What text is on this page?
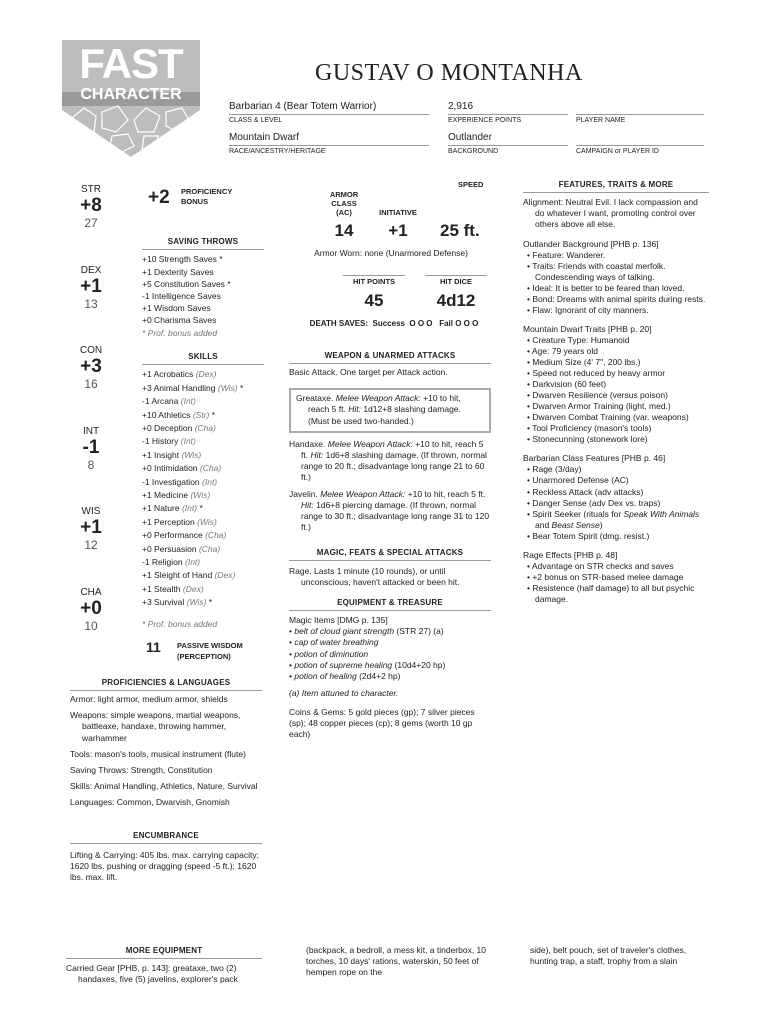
FAST
CHARACTER
GUSTAV O MONTANHA
Barbarian 4 (Bear Totem Warrior)
CLASS & LEVEL
2,916
EXPERIENCE POINTS	PLAYER NAME
Mountain Dwarf
RACE/ANCESTRY/HERITAGE
Outlander
BACKGROUND	CAMPAIGN or PLAYER ID
STR
+8
27
DEX
+1
13
CON
+3
16
INT
-1
8
WIS
+1
12
CHA
+0
10
+2 PROFICIENCY
BONUS
SAVING THROWS
+10 Strength Saves *
+1 Dexterity Saves
+5 Constitution Saves *
-1 Intelligence Saves
+1 Wisdom Saves
+0 Charisma Saves
* Prof. bonus added
SKILLS
+1 Acrobatics (Dex)
+3 Animal Handling (Wis) *
-1 Arcana (Int)
+10 Athletics (Str) *
+0 Deception (Cha)
-1 History (Int)
+1 Insight (Wis)
+0 Intimidation (Cha)
-1 Investigation (Int)
+1 Medicine (Wis)
+1 Nature (Int) *
+1 Perception (Wis)
+0 Performance (Cha)
+0 Persuasion (Cha)
-1 Religion (Int)
+1 Sleight of Hand (Dex)
+1 Stealth (Dex)
+3 Survival (Wis) *
* Prof. bonus added
11 PASSIVE WISDOM
(PERCEPTION)
PROFICIENCIES & LANGUAGES
Armor: light armor, medium armor, shields
Weapons: simple weapons, martial weapons, battleaxe, handaxe, throwing hammer, warhammer
Tools: mason's tools, musical instrument (flute)
Saving Throws: Strength, Constitution
Skills: Animal Handling, Athletics, Nature, Survival
Languages: Common, Dwarvish, Gnomish
ENCUMBRANCE
Lifting & Carrying: 405 lbs. max. carrying capacity; 1620 lbs. pushing or dragging (speed -5 ft.); 1620 lbs. max. lift.
ARMOR
CLASS
(AC)
14
INITIATIVE
+1
SPEED
25 ft.
Armor Worn: none (Unarmored Defense)
HIT POINTS
45
HIT DICE
4d12
DEATH SAVES:  Success  O O O   Fail O O O
WEAPON & UNARMED ATTACKS
Basic Attack. One target per Attack action.
Greataxe. Melee Weapon Attack: +10 to hit, reach 5 ft. Hit: 1d12+8 slashing damage. (Must be used two-handed.)
Handaxe. Melee Weapon Attack: +10 to hit, reach 5 ft. Hit: 1d6+8 slashing damage. (If thrown, normal range to 20 ft.; disadvantage long range 21 to 60 ft.)
Javelin. Melee Weapon Attack: +10 to hit, reach 5 ft. Hit: 1d6+8 piercing damage. (If thrown, normal range to 30 ft.; disadvantage long range 31 to 120 ft.)
MAGIC, FEATS & SPECIAL ATTACKS
Rage. Lasts 1 minute (10 rounds), or until unconscious, haven't attacked or been hit.
EQUIPMENT & TREASURE
Magic Items [DMG p. 135]
• belt of cloud giant strength (STR 27) (a)
• cap of water breathing
• potion of diminution
• potion of supreme healing (10d4+20 hp)
• potion of healing (2d4+2 hp)
(a) Item attuned to character.
Coins & Gems: 5 gold pieces (gp); 7 silver pieces (sp); 48 copper pieces (cp); 8 gems (worth 10 gp each)
FEATURES, TRAITS & MORE
Alignment: Neutral Evil. I lack compassion and do whatever I want, promoting control over others above all else.
Outlander Background [PHB p. 136]
• Feature: Wanderer.
• Traits: Friends with coastal merfolk. Condescending ways of talking.
• Ideal: It is better to be feared than loved.
• Bond: Dreams with animal spirits during rests.
• Flaw: Ignorant of city manners.
Mountain Dwarf Traits [PHB p. 20]
• Creature Type: Humanoid
• Age: 79 years old
• Medium Size (4' 7", 200 lbs.)
• Speed not reduced by heavy armor
• Darkvision (60 feet)
• Dwarven Resilience (versus poison)
• Dwarven Armor Training (light, med.)
• Dwarven Combat Training (var. weapons)
• Tool Proficiency (mason's tools)
• Stonecunning (stonework lore)
Barbarian Class Features [PHB p. 46]
• Rage (3/day)
• Unarmored Defense (AC)
• Reckless Attack (adv attacks)
• Danger Sense (adv Dex vs. traps)
• Spirit Seeker (rituals for Speak With Animals and Beast Sense)
• Bear Totem Spirit (dmg. resist.)
Rage Effects [PHB p. 48]
• Advantage on STR checks and saves
• +2 bonus on STR-based melee damage
• Resistence (half damage) to all but psychic damage.
MORE EQUIPMENT
Carried Gear [PHB, p. 143]: greataxe, two (2) handaxes, five (5) javelins, explorer's pack
(backpack, a bedroll, a mess kit, a tinderbox, 10 torches, 10 days' rations, waterskin, 50 feet of hempen rope on the
side), belt pouch, set of traveler's clothes, hunting trap, a staff, trophy from a slain
